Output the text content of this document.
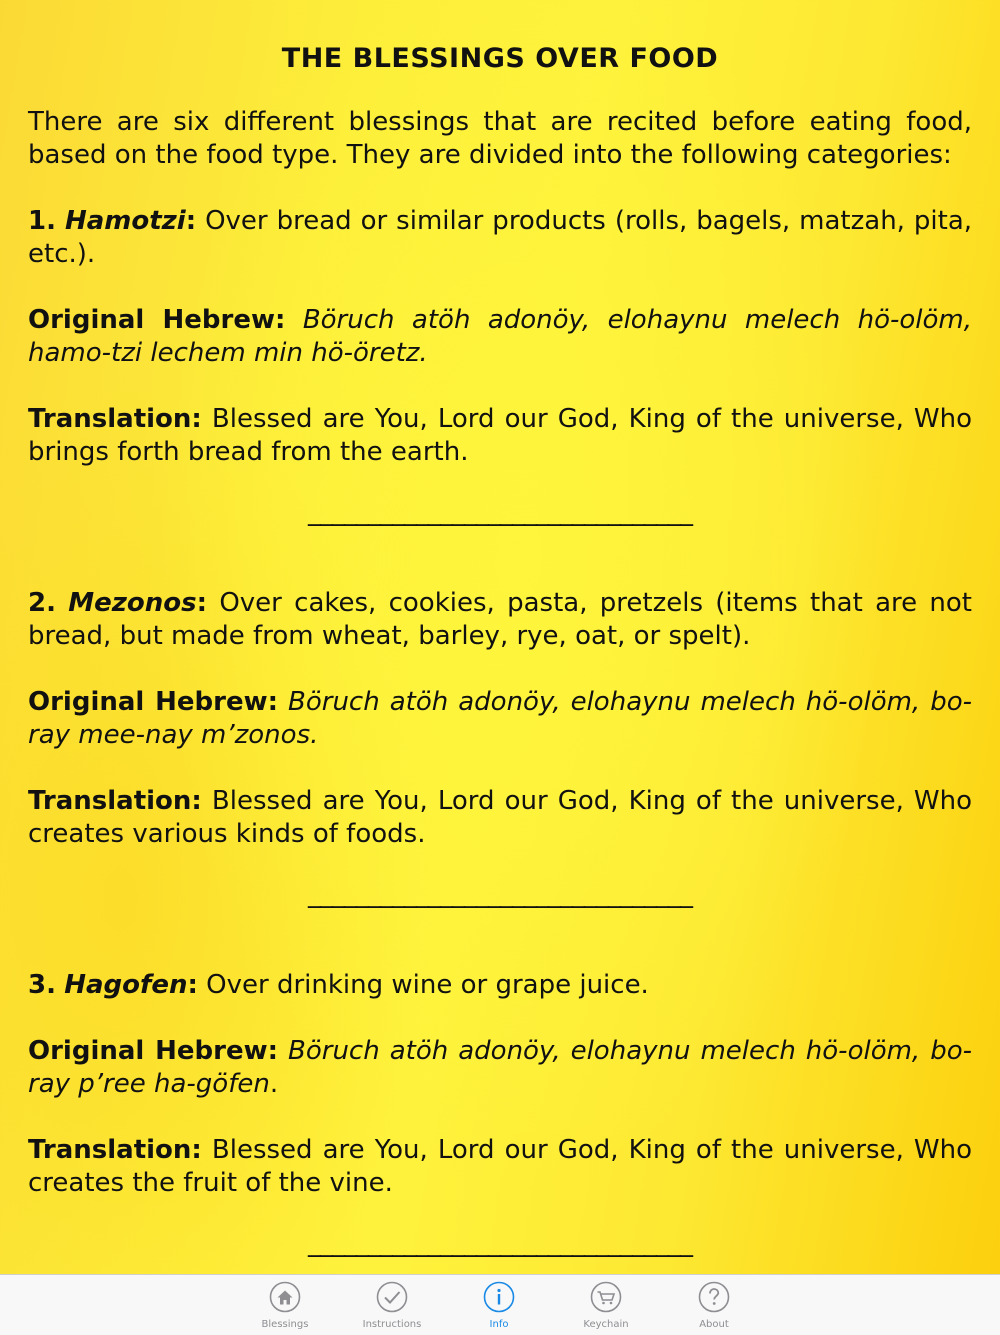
THE BLESSINGS OVER FOOD

There are six different blessings that are recited before eating food, based on the food type. They are divided into the following categories:

1. Hamotzi: Over bread or similar products (rolls, bagels, matzah, pita, etc.).

Original Hebrew: Böruch atöh adonöy, elohaynu melech hö-olöm, hamo-tzi lechem min hö-öretz.

Translation: Blessed are You, Lord our God, King of the universe, Who brings forth bread from the earth.

________________________________

2. Mezonos: Over cakes, cookies, pasta, pretzels (items that are not bread, but made from wheat, barley, rye, oat, or spelt).

Original Hebrew: Böruch atöh adonöy, elohaynu melech hö-olöm, bo-ray mee-nay m’zonos.

Translation: Blessed are You, Lord our God, King of the universe, Who creates various kinds of foods.

________________________________

3. Hagofen: Over drinking wine or grape juice.

Original Hebrew: Böruch atöh adonöy, elohaynu melech hö-olöm, bo-ray p’ree ha-göfen.

Translation: Blessed are You, Lord our God, King of the universe, Who creates the fruit of the vine.

________________________________
Blessings	Instructions	Info	Keychain	About
